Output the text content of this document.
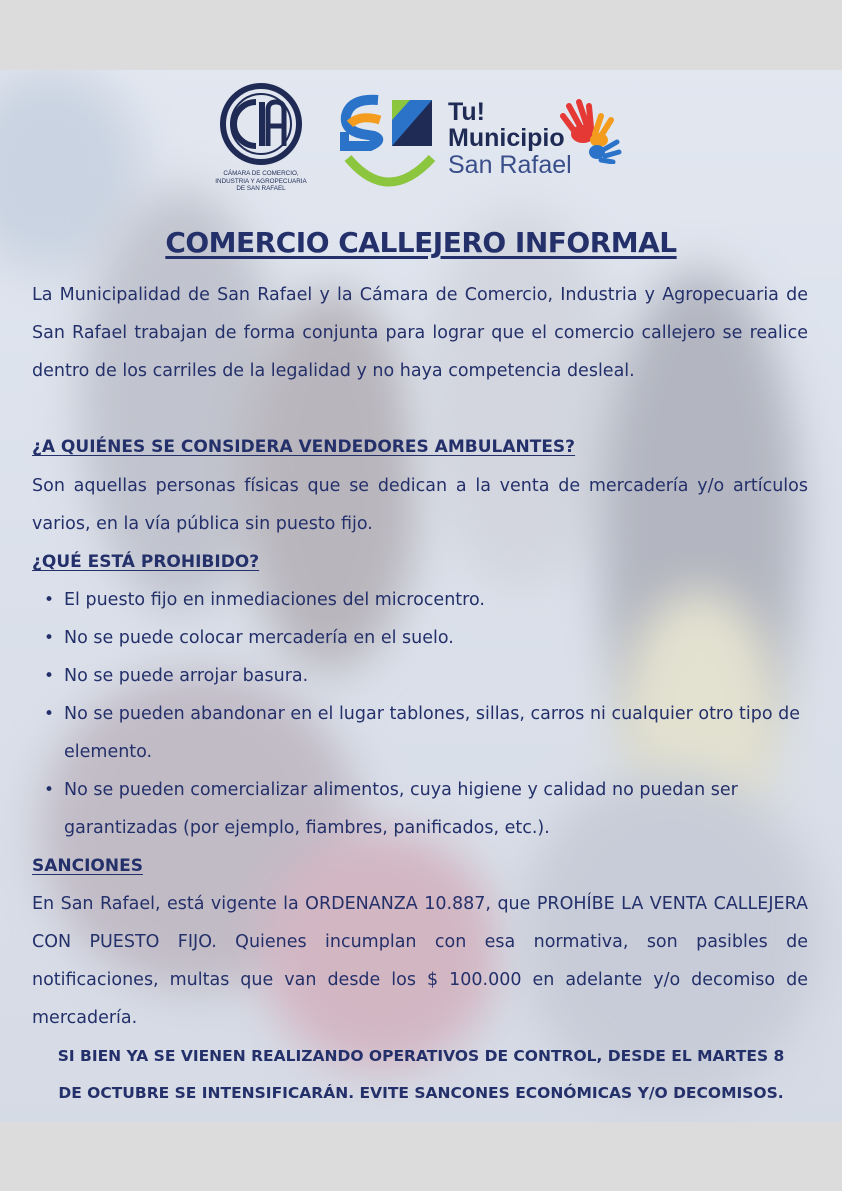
CÁMARA DE COMERCIO,
INDUSTRIA Y AGROPECUARIA
DE SAN RAFAEL
Tu!
Municipio
San Rafael
COMERCIO CALLEJERO INFORMAL

La Municipalidad de San Rafael y la Cámara de Comercio, Industria y Agropecuaria de San Rafael trabajan de forma conjunta para lograr que el comercio callejero se realice dentro de los carriles de la legalidad y no haya competencia desleal.

¿A QUIÉNES SE CONSIDERA VENDEDORES AMBULANTES?

Son aquellas personas físicas que se dedican a la venta de mercadería y/o artículos varios, en la vía pública sin puesto fijo.

¿QUÉ ESTÁ PROHIBIDO?
• El puesto fijo en inmediaciones del microcentro.
• No se puede colocar mercadería en el suelo.
• No se puede arrojar basura.
• No se pueden abandonar en el lugar tablones, sillas, carros ni cualquier otro tipo de elemento.
• No se pueden comercializar alimentos, cuya higiene y calidad no puedan ser garantizadas (por ejemplo, fiambres, panificados, etc.).
SANCIONES

En San Rafael, está vigente la ORDENANZA 10.887, que PROHÍBE LA VENTA CALLEJERA CON PUESTO FIJO. Quienes incumplan con esa normativa, son pasibles de notificaciones, multas que van desde los $ 100.000 en adelante y/o decomiso de mercadería.

SI BIEN YA SE VIENEN REALIZANDO OPERATIVOS DE CONTROL, DESDE EL MARTES 8

DE OCTUBRE SE INTENSIFICARÁN. EVITE SANCONES ECONÓMICAS Y/O DECOMISOS.
